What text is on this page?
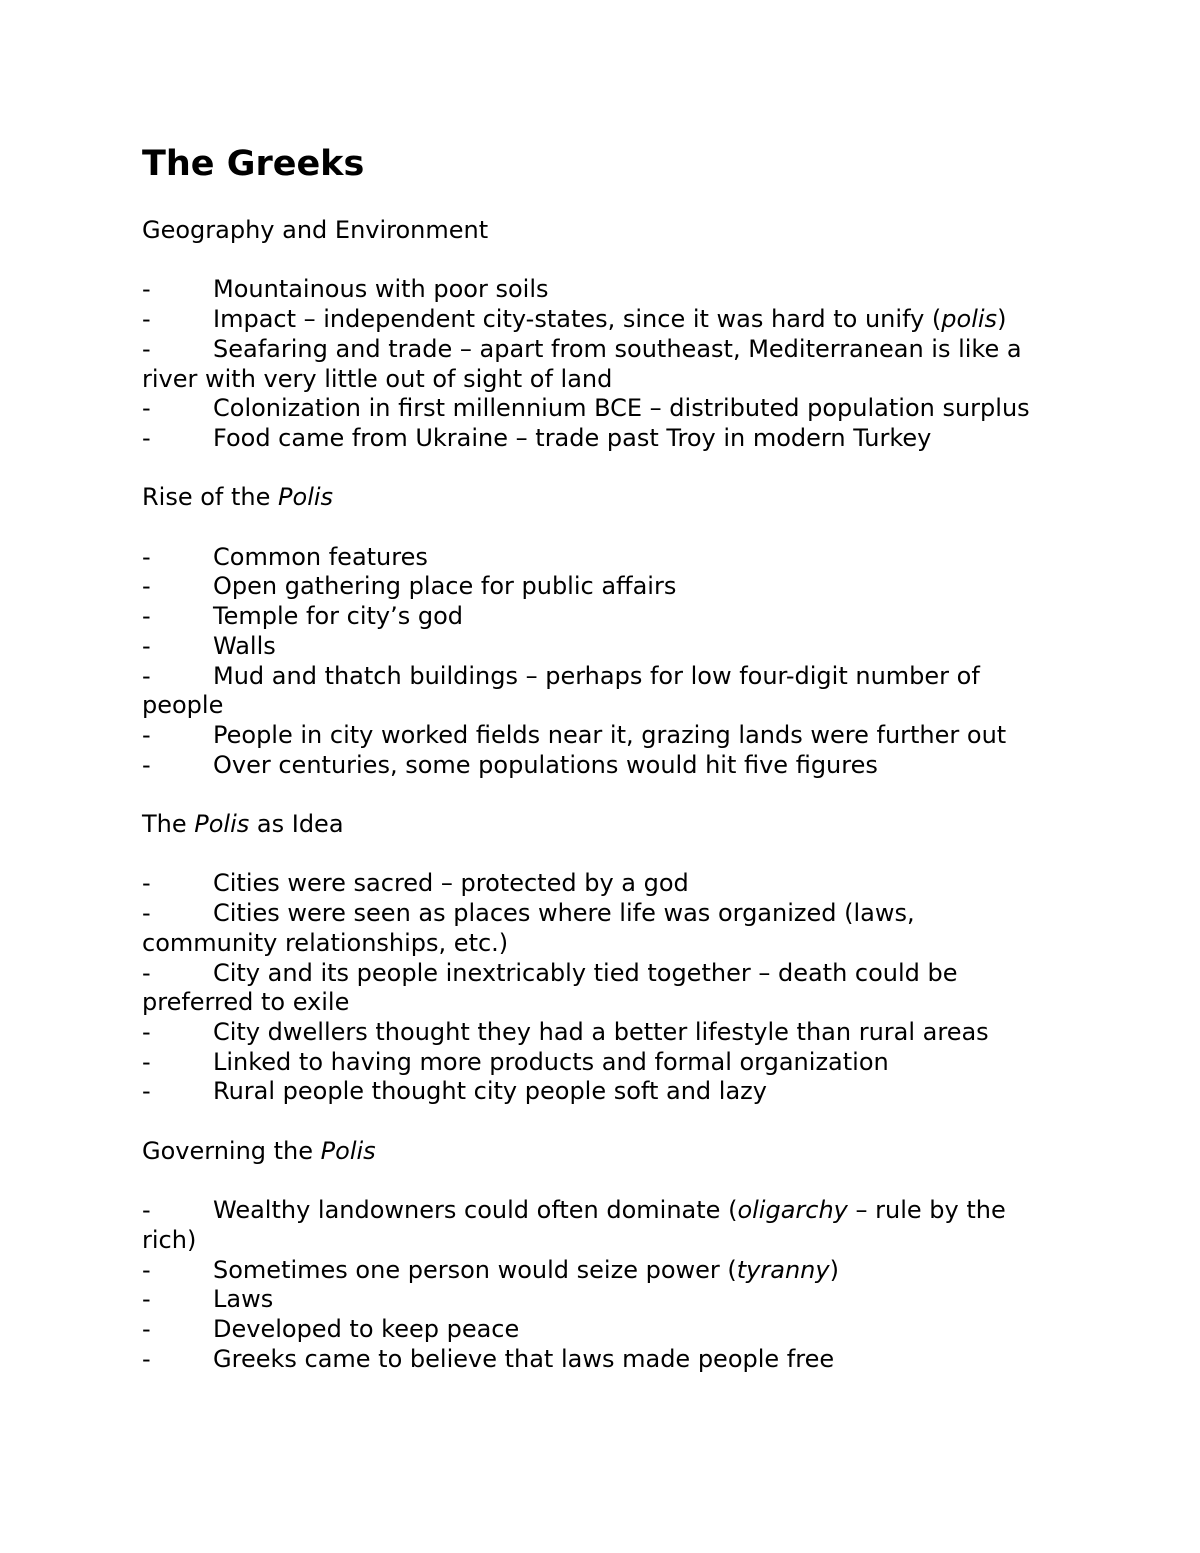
The Greeks
Geography and Environment
-	Mountainous with poor soils
-	Impact – independent city-states, since it was hard to unify (polis)
-	Seafaring and trade – apart from southeast, Mediterranean is like a river with very little out of sight of land
-	Colonization in first millennium BCE – distributed population surplus
-	Food came from Ukraine – trade past Troy in modern Turkey
Rise of the Polis
-	Common features
-	Open gathering place for public affairs
-	Temple for city’s god
-	Walls
-	Mud and thatch buildings – perhaps for low four-digit number of people
-	People in city worked fields near it, grazing lands were further out
-	Over centuries, some populations would hit five figures
The Polis as Idea
-	Cities were sacred – protected by a god
-	Cities were seen as places where life was organized (laws, community relationships, etc.)
-	City and its people inextricably tied together – death could be preferred to exile
-	City dwellers thought they had a better lifestyle than rural areas
-	Linked to having more products and formal organization
-	Rural people thought city people soft and lazy
Governing the Polis
-	Wealthy landowners could often dominate (oligarchy – rule by the rich)
-	Sometimes one person would seize power (tyranny)
-	Laws
-	Developed to keep peace
-	Greeks came to believe that laws made people free
